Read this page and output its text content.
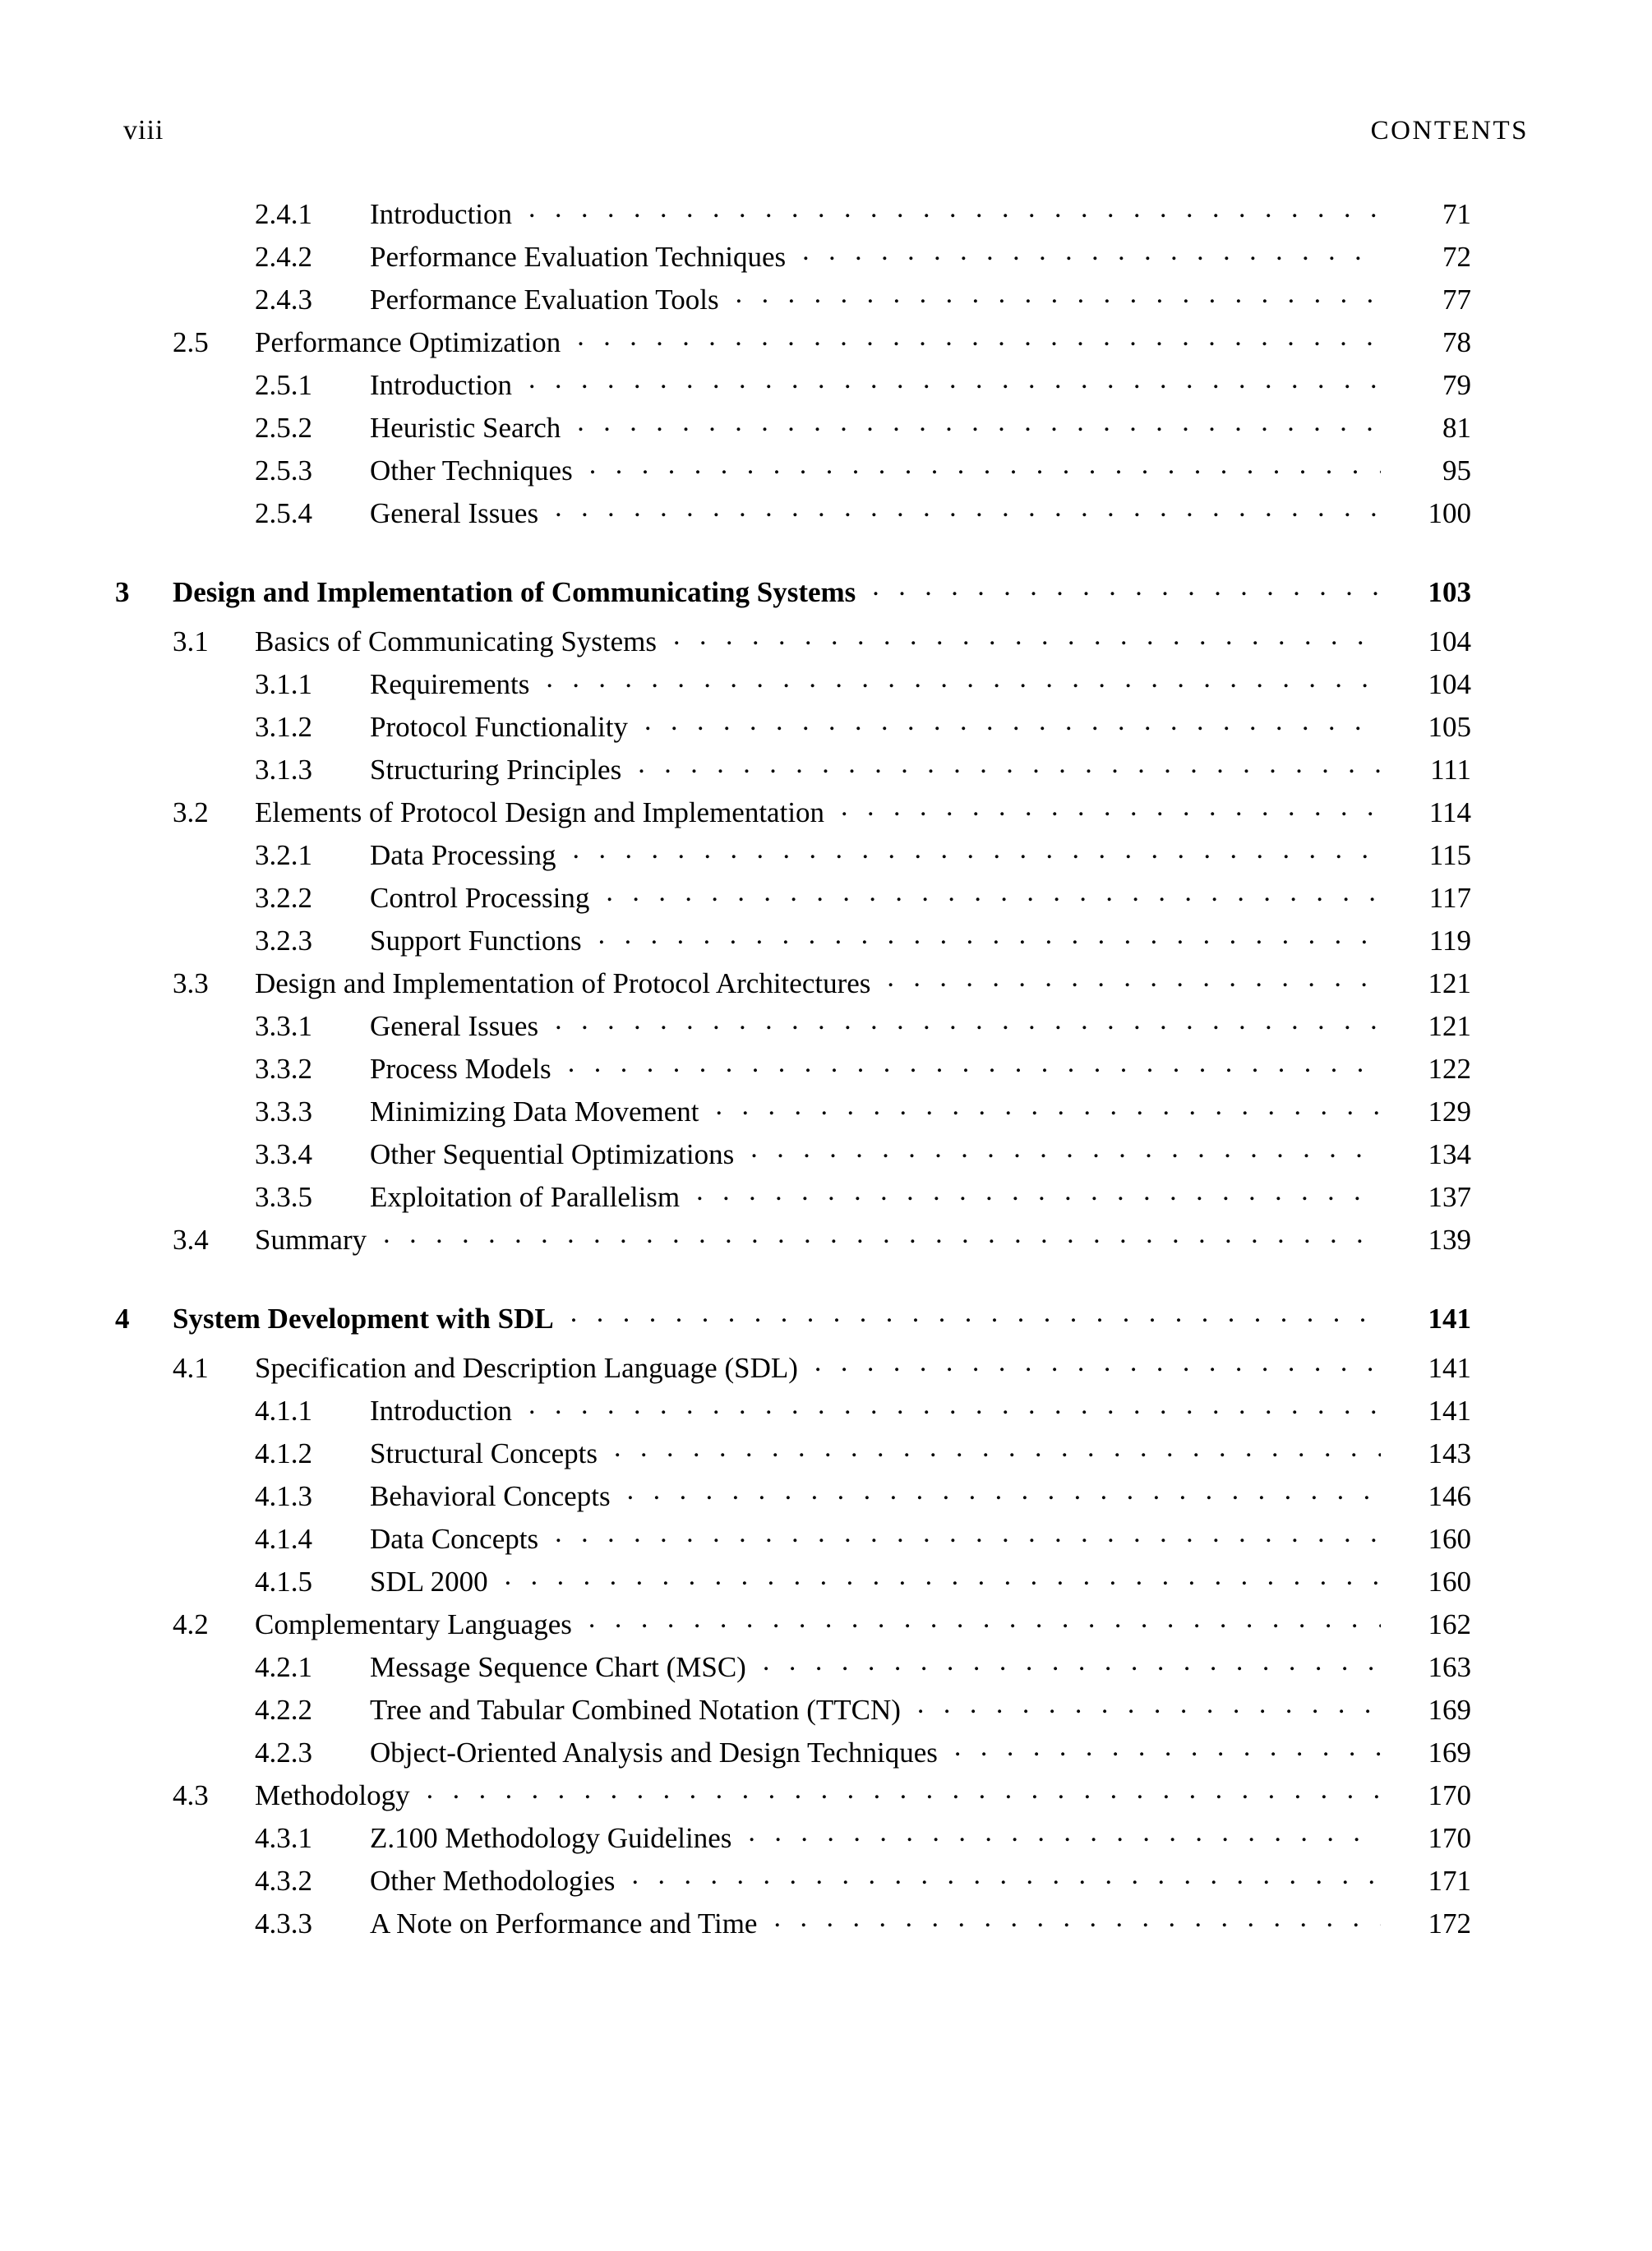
viii	CONTENTS
2.4.1	Introduction . . .	71
2.4.2	Performance Evaluation Techniques . . .	72
2.4.3	Performance Evaluation Tools . . .	77
2.5	Performance Optimization . . .	78
2.5.1	Introduction . . .	79
2.5.2	Heuristic Search . . .	81
2.5.3	Other Techniques . . .	95
2.5.4	General Issues . . .	100
3	Design and Implementation of Communicating Systems . . .	103
3.1	Basics of Communicating Systems . . .	104
3.1.1	Requirements . . .	104
3.1.2	Protocol Functionality . . .	105
3.1.3	Structuring Principles . . .	111
3.2	Elements of Protocol Design and Implementation . . .	114
3.2.1	Data Processing . . .	115
3.2.2	Control Processing . . .	117
3.2.3	Support Functions . . .	119
3.3	Design and Implementation of Protocol Architectures . . .	121
3.3.1	General Issues . . .	121
3.3.2	Process Models . . .	122
3.3.3	Minimizing Data Movement . . .	129
3.3.4	Other Sequential Optimizations . . .	134
3.3.5	Exploitation of Parallelism . . .	137
3.4	Summary . . .	139
4	System Development with SDL . . .	141
4.1	Specification and Description Language (SDL) . . .	141
4.1.1	Introduction . . .	141
4.1.2	Structural Concepts . . .	143
4.1.3	Behavioral Concepts . . .	146
4.1.4	Data Concepts . . .	160
4.1.5	SDL 2000 . . .	160
4.2	Complementary Languages . . .	162
4.2.1	Message Sequence Chart (MSC) . . .	163
4.2.2	Tree and Tabular Combined Notation (TTCN) . . .	169
4.2.3	Object-Oriented Analysis and Design Techniques . . .	169
4.3	Methodology . . .	170
4.3.1	Z.100 Methodology Guidelines . . .	170
4.3.2	Other Methodologies . . .	171
4.3.3	A Note on Performance and Time . . .	172
